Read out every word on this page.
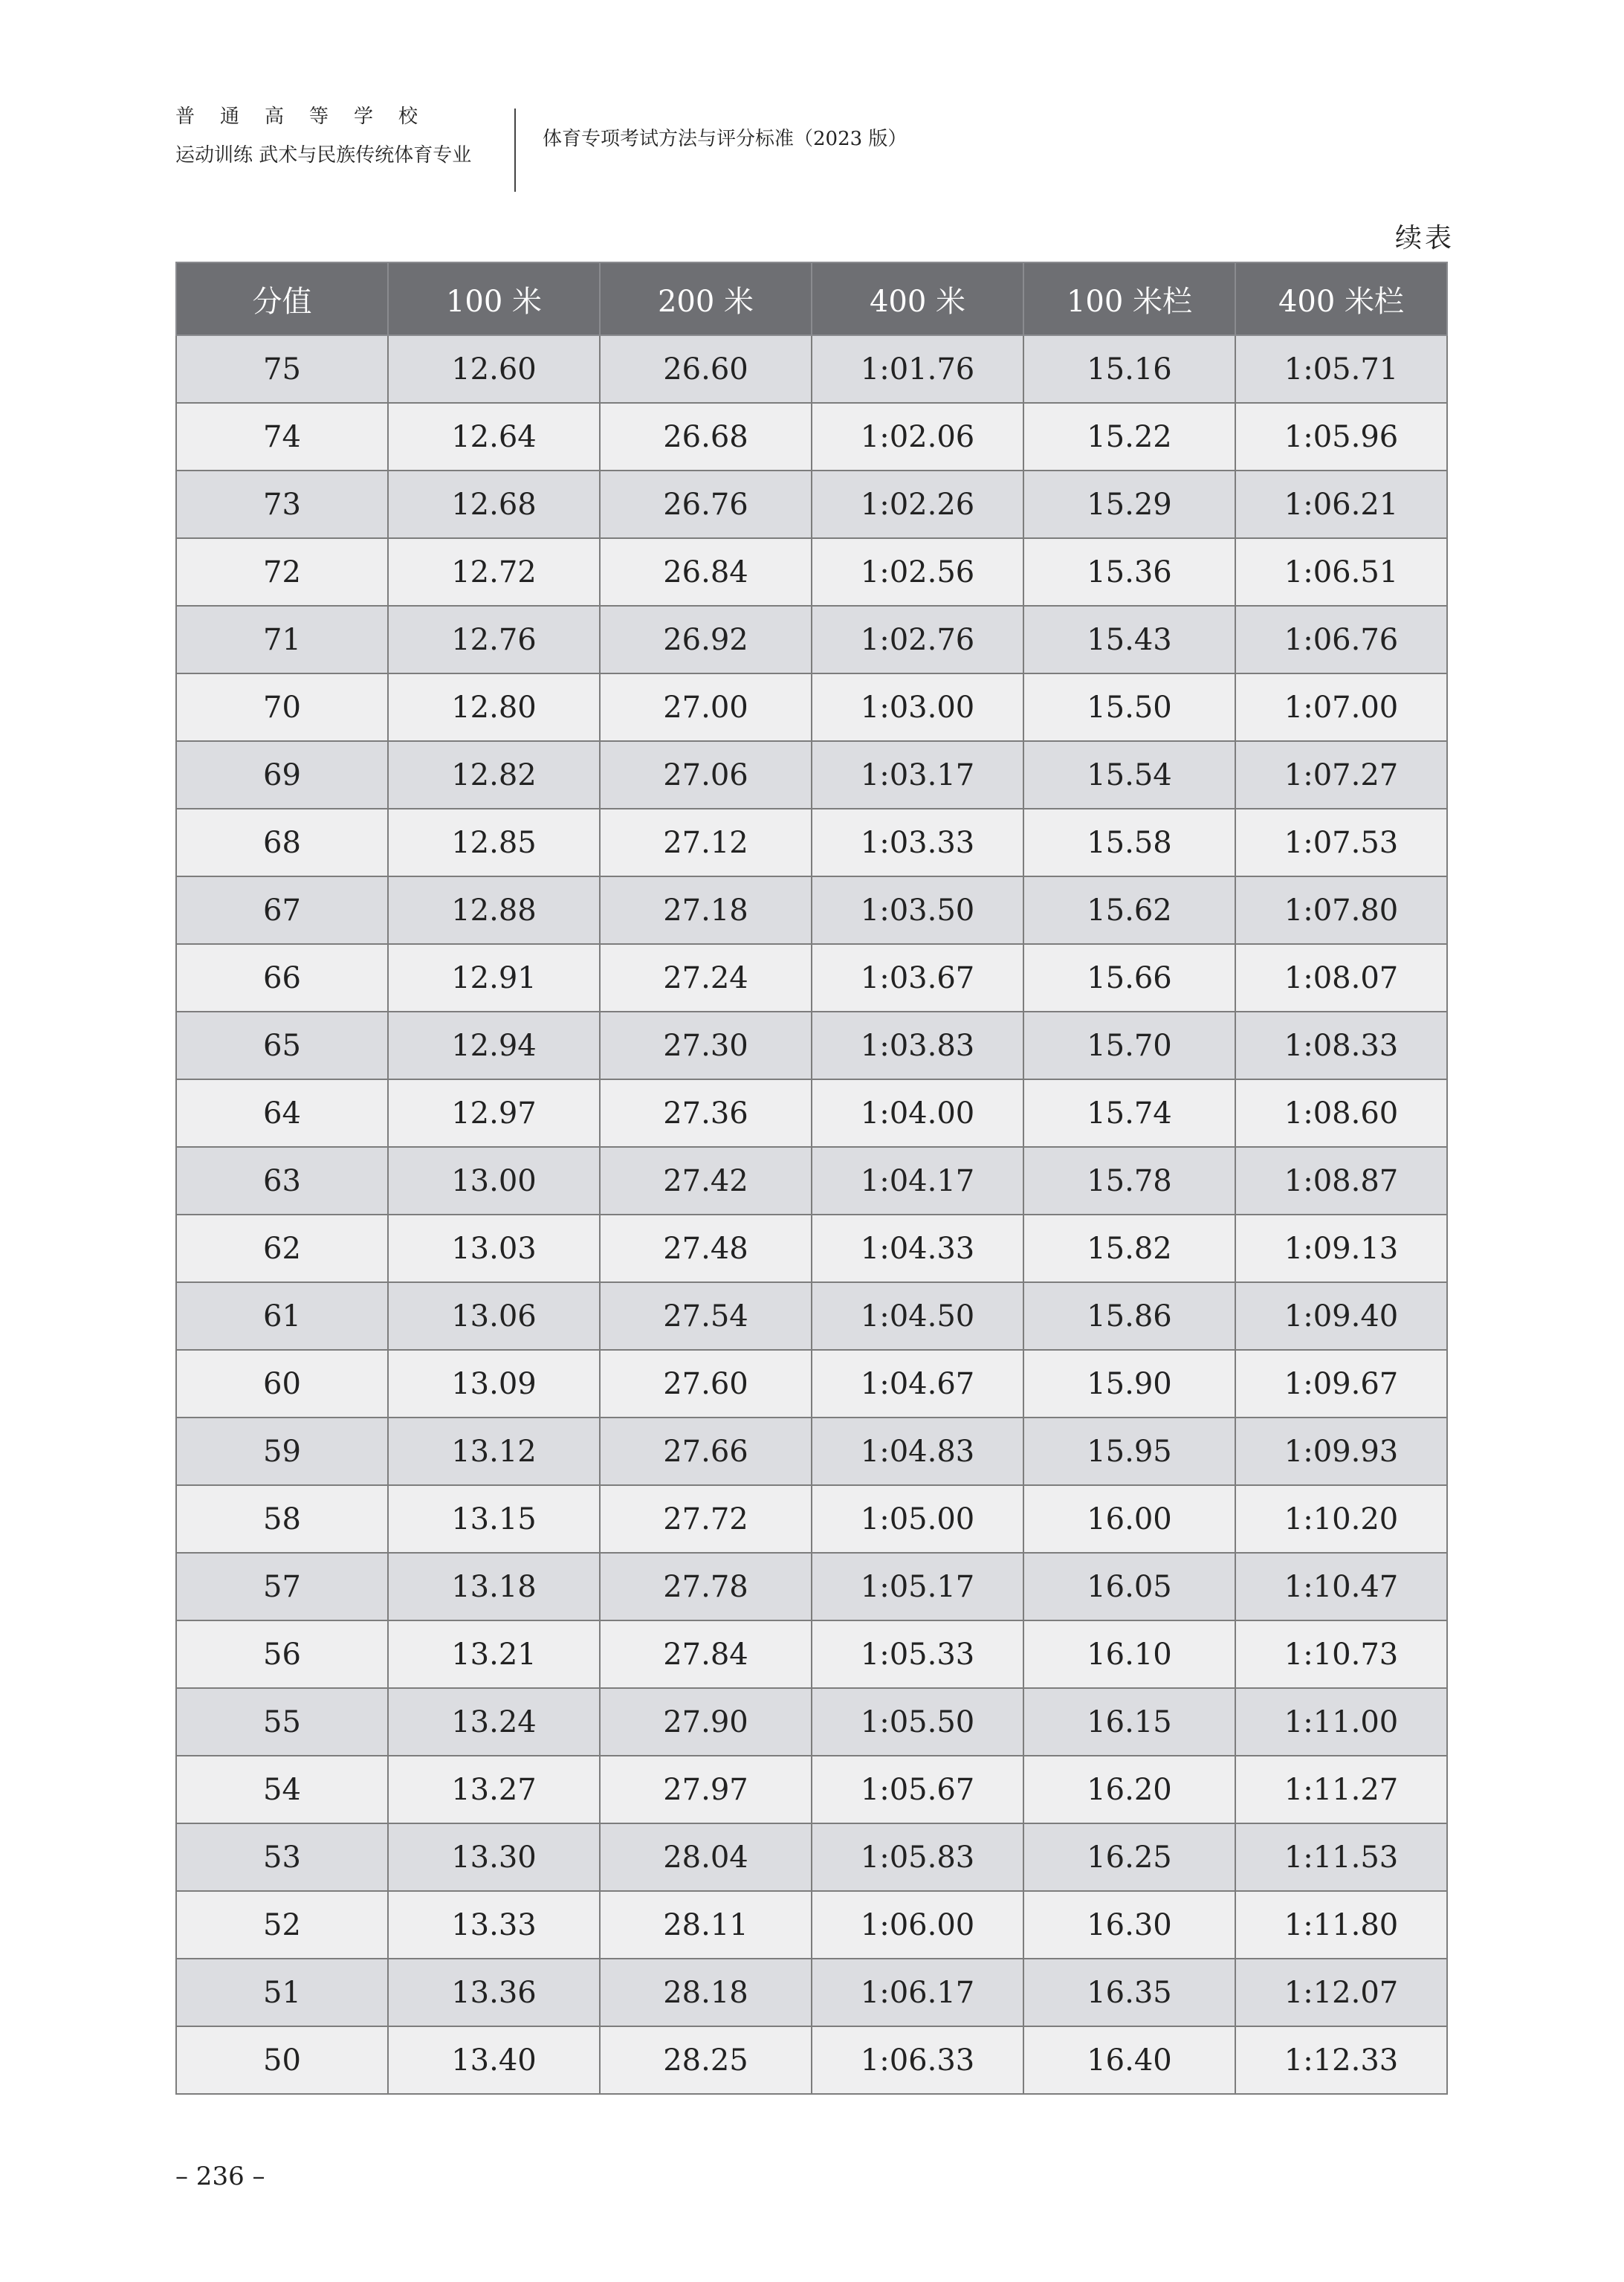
普通高等学校
运动训练 武术与民族传统体育专业
体育专项考试方法与评分标准（2023 版）
续表
分值	100 米	200 米	400 米	100 米栏	400 米栏
75	12.60	26.60	1:01.76	15.16	1:05.71
74	12.64	26.68	1:02.06	15.22	1:05.96
73	12.68	26.76	1:02.26	15.29	1:06.21
72	12.72	26.84	1:02.56	15.36	1:06.51
71	12.76	26.92	1:02.76	15.43	1:06.76
70	12.80	27.00	1:03.00	15.50	1:07.00
69	12.82	27.06	1:03.17	15.54	1:07.27
68	12.85	27.12	1:03.33	15.58	1:07.53
67	12.88	27.18	1:03.50	15.62	1:07.80
66	12.91	27.24	1:03.67	15.66	1:08.07
65	12.94	27.30	1:03.83	15.70	1:08.33
64	12.97	27.36	1:04.00	15.74	1:08.60
63	13.00	27.42	1:04.17	15.78	1:08.87
62	13.03	27.48	1:04.33	15.82	1:09.13
61	13.06	27.54	1:04.50	15.86	1:09.40
60	13.09	27.60	1:04.67	15.90	1:09.67
59	13.12	27.66	1:04.83	15.95	1:09.93
58	13.15	27.72	1:05.00	16.00	1:10.20
57	13.18	27.78	1:05.17	16.05	1:10.47
56	13.21	27.84	1:05.33	16.10	1:10.73
55	13.24	27.90	1:05.50	16.15	1:11.00
54	13.27	27.97	1:05.67	16.20	1:11.27
53	13.30	28.04	1:05.83	16.25	1:11.53
52	13.33	28.11	1:06.00	16.30	1:11.80
51	13.36	28.18	1:06.17	16.35	1:12.07
50	13.40	28.25	1:06.33	16.40	1:12.33
– 236 –
